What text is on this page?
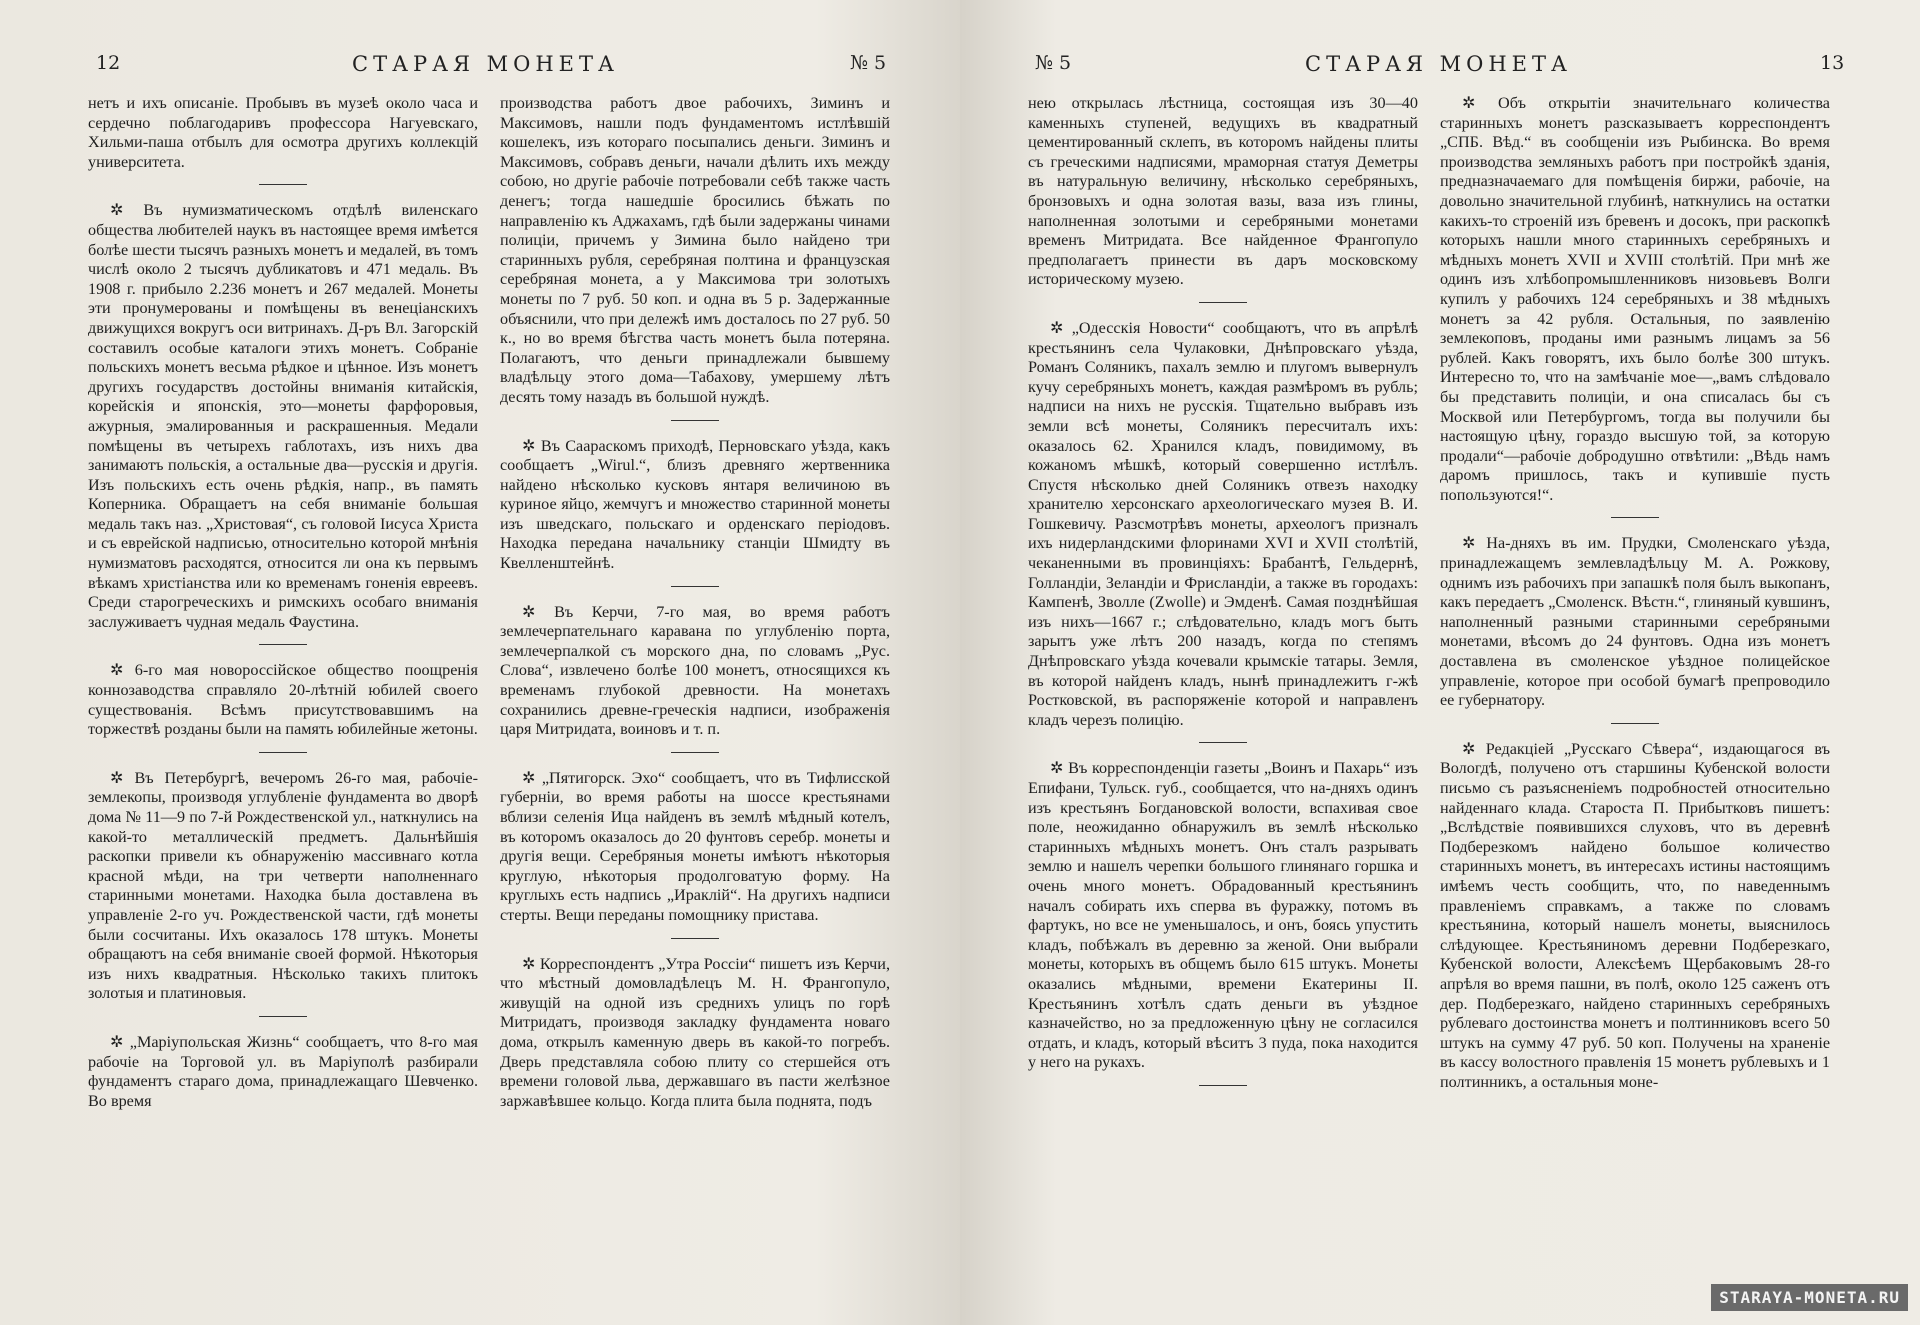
12	СТАРАЯ МОНЕТА	№ 5

нетъ и ихъ описаніе. Пробывъ въ музеѣ около часа и сердечно поблагодаривъ профессора Нагуевскаго, Хильми-паша отбылъ для осмотра другихъ коллекцій университета.

✲ Въ нумизматическомъ отдѣлѣ виленскаго общества любителей наукъ въ настоящее время имѣется болѣе шести тысячъ разныхъ монетъ и медалей, въ томъ числѣ около 2 тысячъ дубликатовъ и 471 медаль. Въ 1908 г. прибыло 2.236 монетъ и 267 медалей. Монеты эти пронумерованы и помѣщены въ венеціанскихъ движущихся вокругъ оси витринахъ. Д-ръ Вл. Загорскій составилъ особые каталоги этихъ монетъ. Собраніе польскихъ монетъ весьма рѣдкое и цѣнное. Изъ монетъ другихъ государствъ достойны вниманія китайскія, корейскія и японскія, это—монеты фарфоровыя, ажурныя, эмалированныя и раскрашенныя. Медали помѣщены въ четырехъ габлотахъ, изъ нихъ два занимаютъ польскія, а остальные два—русскія и другія. Изъ польскихъ есть очень рѣдкія, напр., въ память Коперника. Обращаетъ на себя вниманіе большая медаль такъ наз. „Христовая“, съ головой Іисуса Христа и съ еврейской надписью, относительно которой мнѣнія нумизматовъ расходятся, относится ли она къ первымъ вѣкамъ христіанства или ко временамъ гоненія евреевъ. Среди старогреческихъ и римскихъ особаго вниманія заслуживаетъ чудная медаль Фаустина.

✲ 6-го мая новороссійское общество поощренія коннозаводства справляло 20-лѣтній юбилей своего существованія. Всѣмъ присутствовавшимъ на торжествѣ розданы были на память юбилейные жетоны.

✲ Въ Петербургѣ, вечеромъ 26-го мая, рабочіе-землекопы, производя углубленіе фундамента во дворѣ дома № 11—9 по 7-й Рождественской ул., наткнулись на какой-то металлическій предметъ. Дальнѣйшія раскопки привели къ обнаруженію массивнаго котла красной мѣди, на три четверти наполненнаго старинными монетами. Находка была доставлена въ управленіе 2-го уч. Рождественской части, гдѣ монеты были сосчитаны. Ихъ оказалось 178 штукъ. Монеты обращаютъ на себя вниманіе своей формой. Нѣкоторыя изъ нихъ квадратныя. Нѣсколько такихъ плитокъ золотыя и платиновыя.

✲ „Маріупольская Жизнь“ сообщаетъ, что 8-го мая рабочіе на Торговой ул. въ Маріуполѣ разбирали фундаментъ стараго дома, принадлежащаго Шевченко. Во время

производства работъ двое рабочихъ, Зиминъ и Максимовъ, нашли подъ фундаментомъ истлѣвшій кошелекъ, изъ котораго посыпались деньги. Зиминъ и Максимовъ, собравъ деньги, начали дѣлить ихъ между собою, но другіе рабочіе потребовали себѣ также часть денегъ; тогда нашедшіе бросились бѣжать по направленію къ Аджахамъ, гдѣ были задержаны чинами полиціи, причемъ у Зимина было найдено три старинныхъ рубля, серебряная полтина и французская серебряная монета, а у Максимова три золотыхъ монеты по 7 руб. 50 коп. и одна въ 5 р. Задержанные объяснили, что при дележѣ имъ досталось по 27 руб. 50 к., но во время бѣгства часть монетъ была потеряна. Полагаютъ, что деньги принадлежали бывшему владѣльцу этого дома—Табахову, умершему лѣтъ десять тому назадъ въ большой нуждѣ.

✲ Въ Саараскомъ приходѣ, Перновскаго уѣзда, какъ сообщаетъ „Wirul.“, близъ древняго жертвенника найдено нѣсколько кусковъ янтаря величиною въ куриное яйцо, жемчугъ и множество старинной монеты изъ шведскаго, польскаго и орденскаго періодовъ. Находка передана начальнику станціи Шмидту въ Квелленштейнѣ.

✲ Въ Керчи, 7-го мая, во время работъ землечерпательнаго каравана по углубленію порта, землечерпалкой съ морского дна, по словамъ „Рус. Слова“, извлечено болѣе 100 монетъ, относящихся къ временамъ глубокой древности. На монетахъ сохранились древне-греческія надписи, изображенія царя Митридата, воиновъ и т. п.

✲ „Пятигорск. Эхо“ сообщаетъ, что въ Тифлисской губерніи, во время работы на шоссе крестьянами вблизи селенія Ица найденъ въ землѣ мѣдный котелъ, въ которомъ оказалось до 20 фунтовъ серебр. монеты и другія вещи. Серебряныя монеты имѣютъ нѣкоторыя круглую, нѣкоторыя продолговатую форму. На круглыхъ есть надпись „Ираклій“. На другихъ надписи стерты. Вещи переданы помощнику пристава.

✲ Корреспондентъ „Утра Россіи“ пишетъ изъ Керчи, что мѣстный домовладѣлецъ М. Н. Франгопуло, живущій на одной изъ среднихъ улицъ по горѣ Митридатъ, производя закладку фундамента новаго дома, открылъ каменную дверь въ какой-то погребъ. Дверь представляла собою плиту со стершейся отъ времени головой льва, державшаго въ пасти желѣзное заржавѣвшее кольцо. Когда плита была поднята, подъ

№ 5	СТАРАЯ МОНЕТА	13

нею открылась лѣстница, состоящая изъ 30—40 каменныхъ ступеней, ведущихъ въ квадратный цементированный склепъ, въ которомъ найдены плиты съ греческими надписями, мраморная статуя Деметры въ натуральную величину, нѣсколько серебряныхъ, бронзовыхъ и одна золотая вазы, ваза изъ глины, наполненная золотыми и серебряными монетами временъ Митридата. Все найденное Франгопуло предполагаетъ принести въ даръ московскому историческому музею.

✲ „Одесскія Новости“ сообщаютъ, что въ апрѣлѣ крестьянинъ села Чулаковки, Днѣпровскаго уѣзда, Романъ Соляникъ, пахалъ землю и плугомъ вывернулъ кучу серебряныхъ монетъ, каждая размѣромъ въ рубль; надписи на нихъ не русскія. Тщательно выбравъ изъ земли всѣ монеты, Соляникъ пересчиталъ ихъ: оказалось 62. Хранился кладъ, повидимому, въ кожаномъ мѣшкѣ, который совершенно истлѣлъ. Спустя нѣсколько дней Соляникъ отвезъ находку хранителю херсонскаго археологическаго музея В. И. Гошкевичу. Разсмотрѣвъ монеты, археологъ призналъ ихъ нидерландскими флоринами XVI и XVII столѣтій, чеканенными въ провинціяхъ: Брабантѣ, Гельдернѣ, Голландіи, Зеландіи и Фрисландіи, а также въ городахъ: Кампенѣ, Зволле (Zwolle) и Эмденѣ. Самая позднѣйшая изъ нихъ—1667 г.; слѣдовательно, кладъ могъ быть зарытъ уже лѣтъ 200 назадъ, когда по степямъ Днѣпровскаго уѣзда кочевали крымскіе татары. Земля, въ которой найденъ кладъ, нынѣ принадлежитъ г-жѣ Ростковской, въ распоряженіе которой и направленъ кладъ черезъ полицію.

✲ Въ корреспонденціи газеты „Воинъ и Пахарь“ изъ Епифани, Тульск. губ., сообщается, что на-дняхъ одинъ изъ крестьянъ Богдановской волости, вспахивая свое поле, неожиданно обнаружилъ въ землѣ нѣсколько старинныхъ мѣдныхъ монетъ. Онъ сталъ разрывать землю и нашелъ черепки большого глинянаго горшка и очень много монетъ. Обрадованный крестьянинъ началъ собирать ихъ сперва въ фуражку, потомъ въ фартукъ, но все не уменьшалось, и онъ, боясь упустить кладъ, побѣжалъ въ деревню за женой. Они выбрали монеты, которыхъ въ общемъ было 615 штукъ. Монеты оказались мѣдными, времени Екатерины II. Крестьянинъ хотѣлъ сдать деньги въ уѣздное казначейство, но за предложенную цѣну не согласился отдать, и кладъ, который вѣситъ 3 пуда, пока находится у него на рукахъ.

✲ Объ открытіи значительнаго количества старинныхъ монетъ разсказываетъ корреспондентъ „СПБ. Вѣд.“ въ сообщеніи изъ Рыбинска. Во время производства земляныхъ работъ при постройкѣ зданія, предназначаемаго для помѣщенія биржи, рабочіе, на довольно значительной глубинѣ, наткнулись на остатки какихъ-то строеній изъ бревенъ и досокъ, при раскопкѣ которыхъ нашли много старинныхъ серебряныхъ и мѣдныхъ монетъ XVII и XVIII столѣтій. При мнѣ же одинъ изъ хлѣбопромышленниковъ низовьевъ Волги купилъ у рабочихъ 124 серебряныхъ и 38 мѣдныхъ монетъ за 42 рубля. Остальныя, по заявленію землекоповъ, проданы ими разнымъ лицамъ за 56 рублей. Какъ говорятъ, ихъ было болѣе 300 штукъ. Интересно то, что на замѣчаніе мое—„вамъ слѣдовало бы представить полиціи, и она списалась бы съ Москвой или Петербургомъ, тогда вы получили бы настоящую цѣну, гораздо высшую той, за которую продали“—рабочіе добродушно отвѣтили: „Вѣдь намъ даромъ пришлось, такъ и купившіе пусть попользуются!“.

✲ На-дняхъ въ им. Прудки, Смоленскаго уѣзда, принадлежащемъ землевладѣльцу М. А. Рожкову, однимъ изъ рабочихъ при запашкѣ поля былъ выкопанъ, какъ передаетъ „Смоленск. Вѣстн.“, глиняный кувшинъ, наполненный разными старинными серебряными монетами, вѣсомъ до 24 фунтовъ. Одна изъ монетъ доставлена въ смоленское уѣздное полицейское управленіе, которое при особой бумагѣ препроводило ее губернатору.

✲ Редакціей „Русскаго Сѣвера“, издающагося въ Вологдѣ, получено отъ старшины Кубенской волости письмо съ разъясненіемъ подробностей относительно найденнаго клада. Староста П. Прибытковъ пишетъ: „Вслѣдствіе появившихся слуховъ, что въ деревнѣ Подберезкомъ найдено большое количество старинныхъ монетъ, въ интересахъ истины настоящимъ имѣемъ честь сообщить, что, по наведеннымъ правленіемъ справкамъ, а также по словамъ крестьянина, который нашелъ монеты, выяснилось слѣдующее. Крестьяниномъ деревни Подберезкаго, Кубенской волости, Алексѣемъ Щербаковымъ 28-го апрѣля во время пашни, въ полѣ, около 125 саженъ отъ дер. Подберезкаго, найдено старинныхъ серебряныхъ рублеваго достоинства монетъ и полтинниковъ всего 50 штукъ на сумму 47 руб. 50 коп. Получены на храненіе въ кассу волостного правленія 15 монетъ рублевыхъ и 1 полтинникъ, а остальныя моне-

STARAYA-MONETA.RU
